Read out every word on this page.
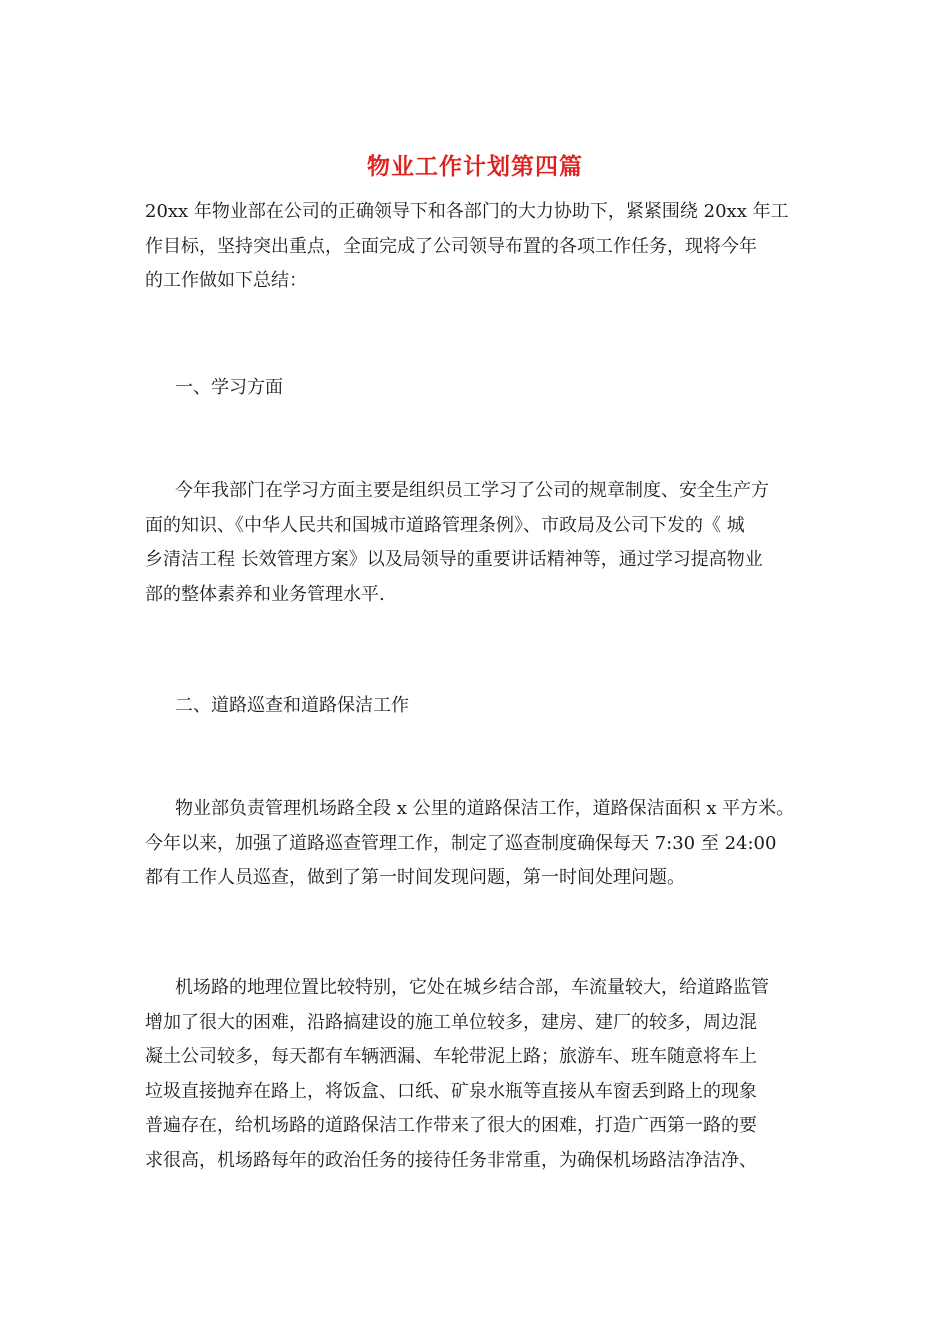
物业工作计划第四篇
20xx 年物业部在公司的正确领导下和各部门的大力协助下，紧紧围绕 20xx 年工
作目标，坚持突出重点，全面完成了公司领导布置的各项工作任务，现将今年
的工作做如下总结：
一、学习方面
今年我部门在学习方面主要是组织员工学习了公司的规章制度、安全生产方
面的知识、《中华人民共和国城市道路管理条例》、市政局及公司下发的《 城
乡清洁工程 长效管理方案》以及局领导的重要讲话精神等，通过学习提高物业
部的整体素养和业务管理水平.
二、道路巡查和道路保洁工作
物业部负责管理机场路全段 x 公里的道路保洁工作，道路保洁面积 x 平方米。
今年以来，加强了道路巡查管理工作，制定了巡查制度确保每天 7:30 至 24:00
都有工作人员巡查，做到了第一时间发现问题，第一时间处理问题。
机场路的地理位置比较特别，它处在城乡结合部，车流量较大，给道路监管
增加了很大的困难，沿路搞建设的施工单位较多，建房、建厂的较多，周边混
凝土公司较多，每天都有车辆洒漏、车轮带泥上路；旅游车、班车随意将车上
垃圾直接抛弃在路上，将饭盒、口纸、矿泉水瓶等直接从车窗丢到路上的现象
普遍存在，给机场路的道路保洁工作带来了很大的困难，打造广西第一路的要
求很高，机场路每年的政治任务的接待任务非常重，为确保机场路洁净洁净、
